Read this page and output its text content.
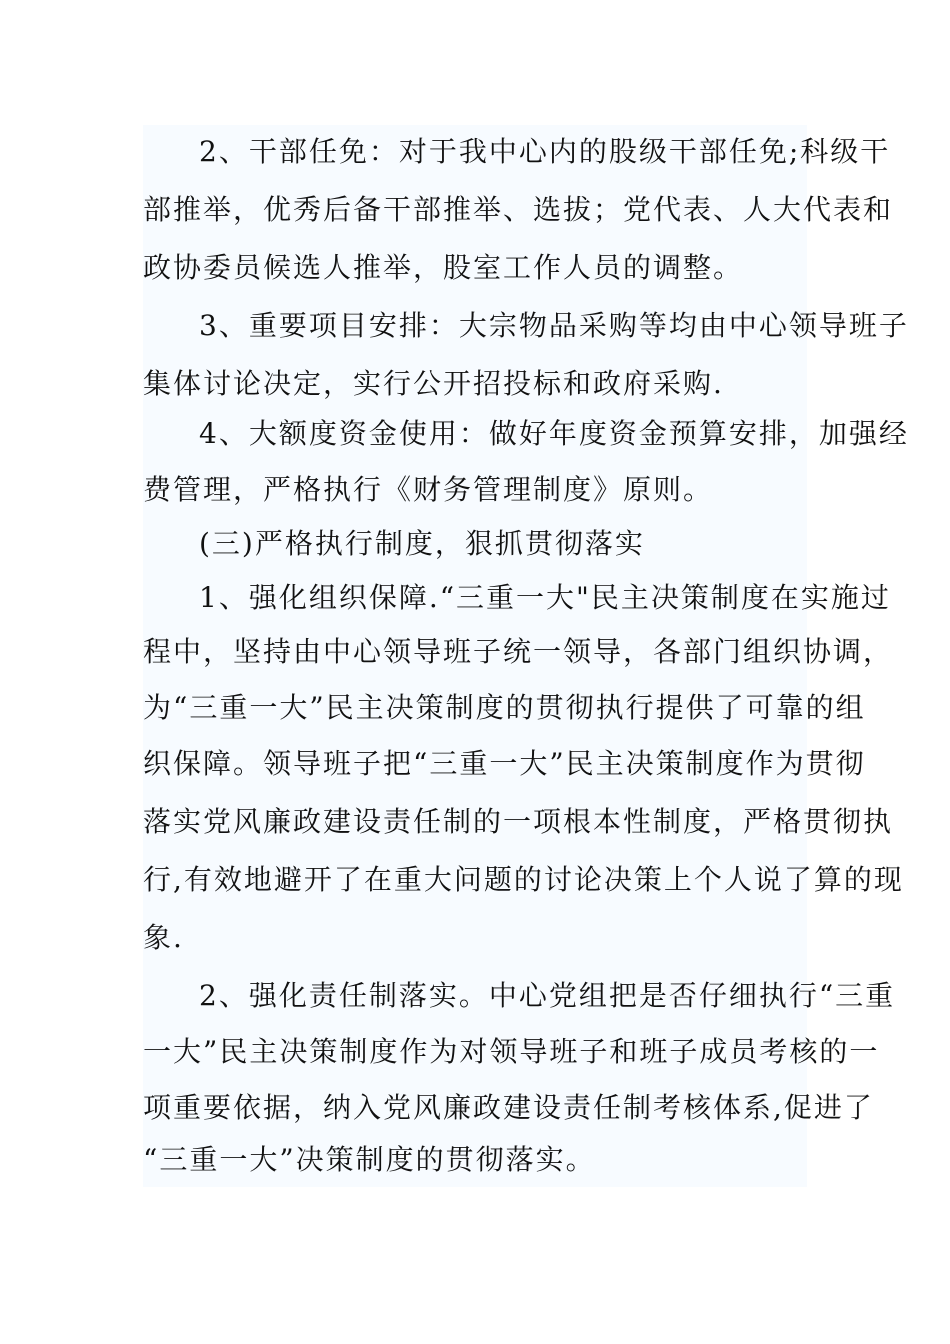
2、干部任免：对于我中心内的股级干部任免;科级干
部推举，优秀后备干部推举、选拔；党代表、人大代表和
政协委员候选人推举，股室工作人员的调整。
3、重要项目安排：大宗物品采购等均由中心领导班子
集体讨论决定，实行公开招投标和政府采购.
4、大额度资金使用：做好年度资金预算安排，加强经
费管理，严格执行《财务管理制度》原则。
(三)严格执行制度，狠抓贯彻落实
1、强化组织保障.“三重一大"民主决策制度在实施过
程中，坚持由中心领导班子统一领导，各部门组织协调，
为“三重一大”民主决策制度的贯彻执行提供了可靠的组
织保障。领导班子把“三重一大”民主决策制度作为贯彻
落实党风廉政建设责任制的一项根本性制度，严格贯彻执
行,有效地避开了在重大问题的讨论决策上个人说了算的现
象.
2、强化责任制落实。中心党组把是否仔细执行“三重
一大”民主决策制度作为对领导班子和班子成员考核的一
项重要依据，纳入党风廉政建设责任制考核体系,促进了
“三重一大”决策制度的贯彻落实。
